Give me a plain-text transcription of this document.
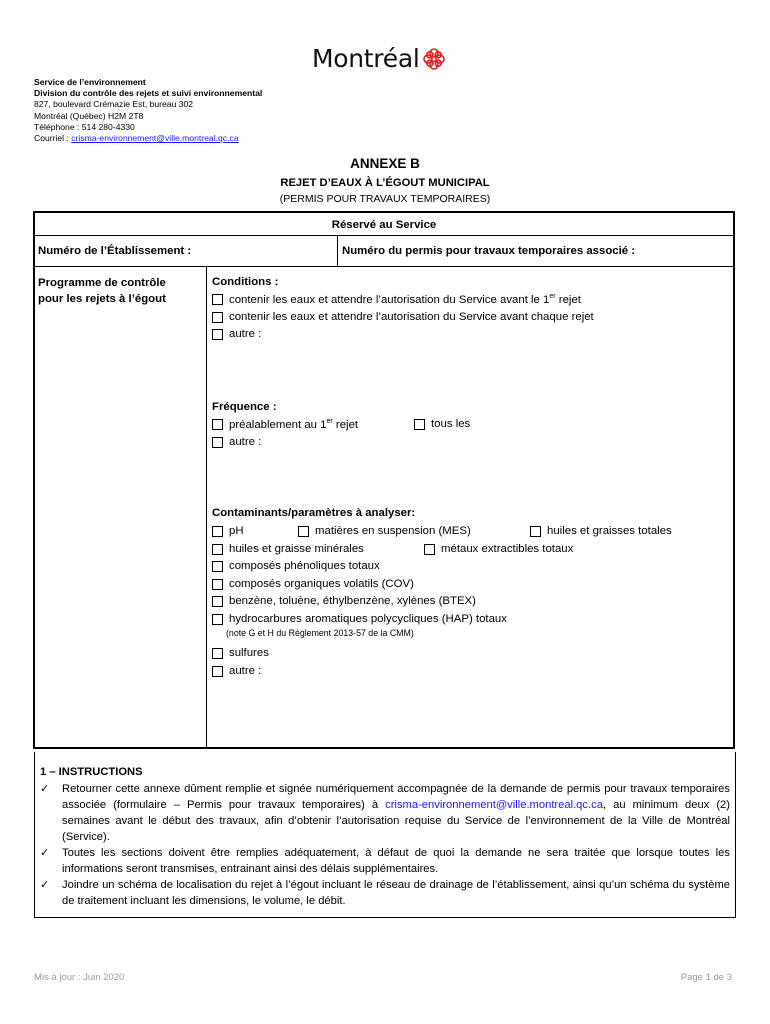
Montréal
Service de l’environnement
Division du contrôle des rejets et suivi environnemental
827, boulevard Crémazie Est, bureau 302
Montréal (Québec) H2M 2T8
Téléphone : 514 280-4330
Courriel : crisma-environnement@ville.montreal.qc.ca
ANNEXE B
REJET D’EAUX À L’ÉGOUT MUNICIPAL
(PERMIS POUR TRAVAUX TEMPORAIRES)
Réservé au Service
Numéro de l’Établissement :	Numéro du permis pour travaux temporaires associé :
Programme de contrôle
pour les rejets à l’égout
Conditions :
contenir les eaux et attendre l’autorisation du Service avant le 1er rejet
contenir les eaux et attendre l’autorisation du Service avant chaque rejet
autre :
Fréquence :
préalablement au 1er rejet	tous les
autre :
Contaminants/paramètres à analyser:
pH	matières en suspension (MES)	huiles et graisses totales
huiles et graisse minérales	métaux extractibles totaux
composés phénoliques totaux
composés organiques volatils (COV)
benzène, toluène, éthylbenzène, xylènes (BTEX)
hydrocarbures aromatiques polycycliques (HAP) totaux
(note G et H du Règlement 2013-57 de la CMM)
sulfures
autre :
1 – INSTRUCTIONS
✓	Retourner cette annexe dûment remplie et signée numériquement accompagnée de la demande de permis pour travaux temporaires associée (formulaire – Permis pour travaux temporaires) à crisma-environnement@ville.montreal.qc.ca, au minimum deux (2) semaines avant le début des travaux, afin d’obtenir l’autorisation requise du Service de l’environnement de la Ville de Montréal (Service).
✓	Toutes les sections doivent être remplies adéquatement, à défaut de quoi la demande ne sera traitée que lorsque toutes les informations seront transmises, entrainant ainsi des délais supplémentaires.
✓	Joindre un schéma de localisation du rejet à l’égout incluant le réseau de drainage de l’établissement, ainsi qu’un schéma du système de traitement incluant les dimensions, le volume, le débit.
Mis à jour : Juin 2020	Page 1 de 3
